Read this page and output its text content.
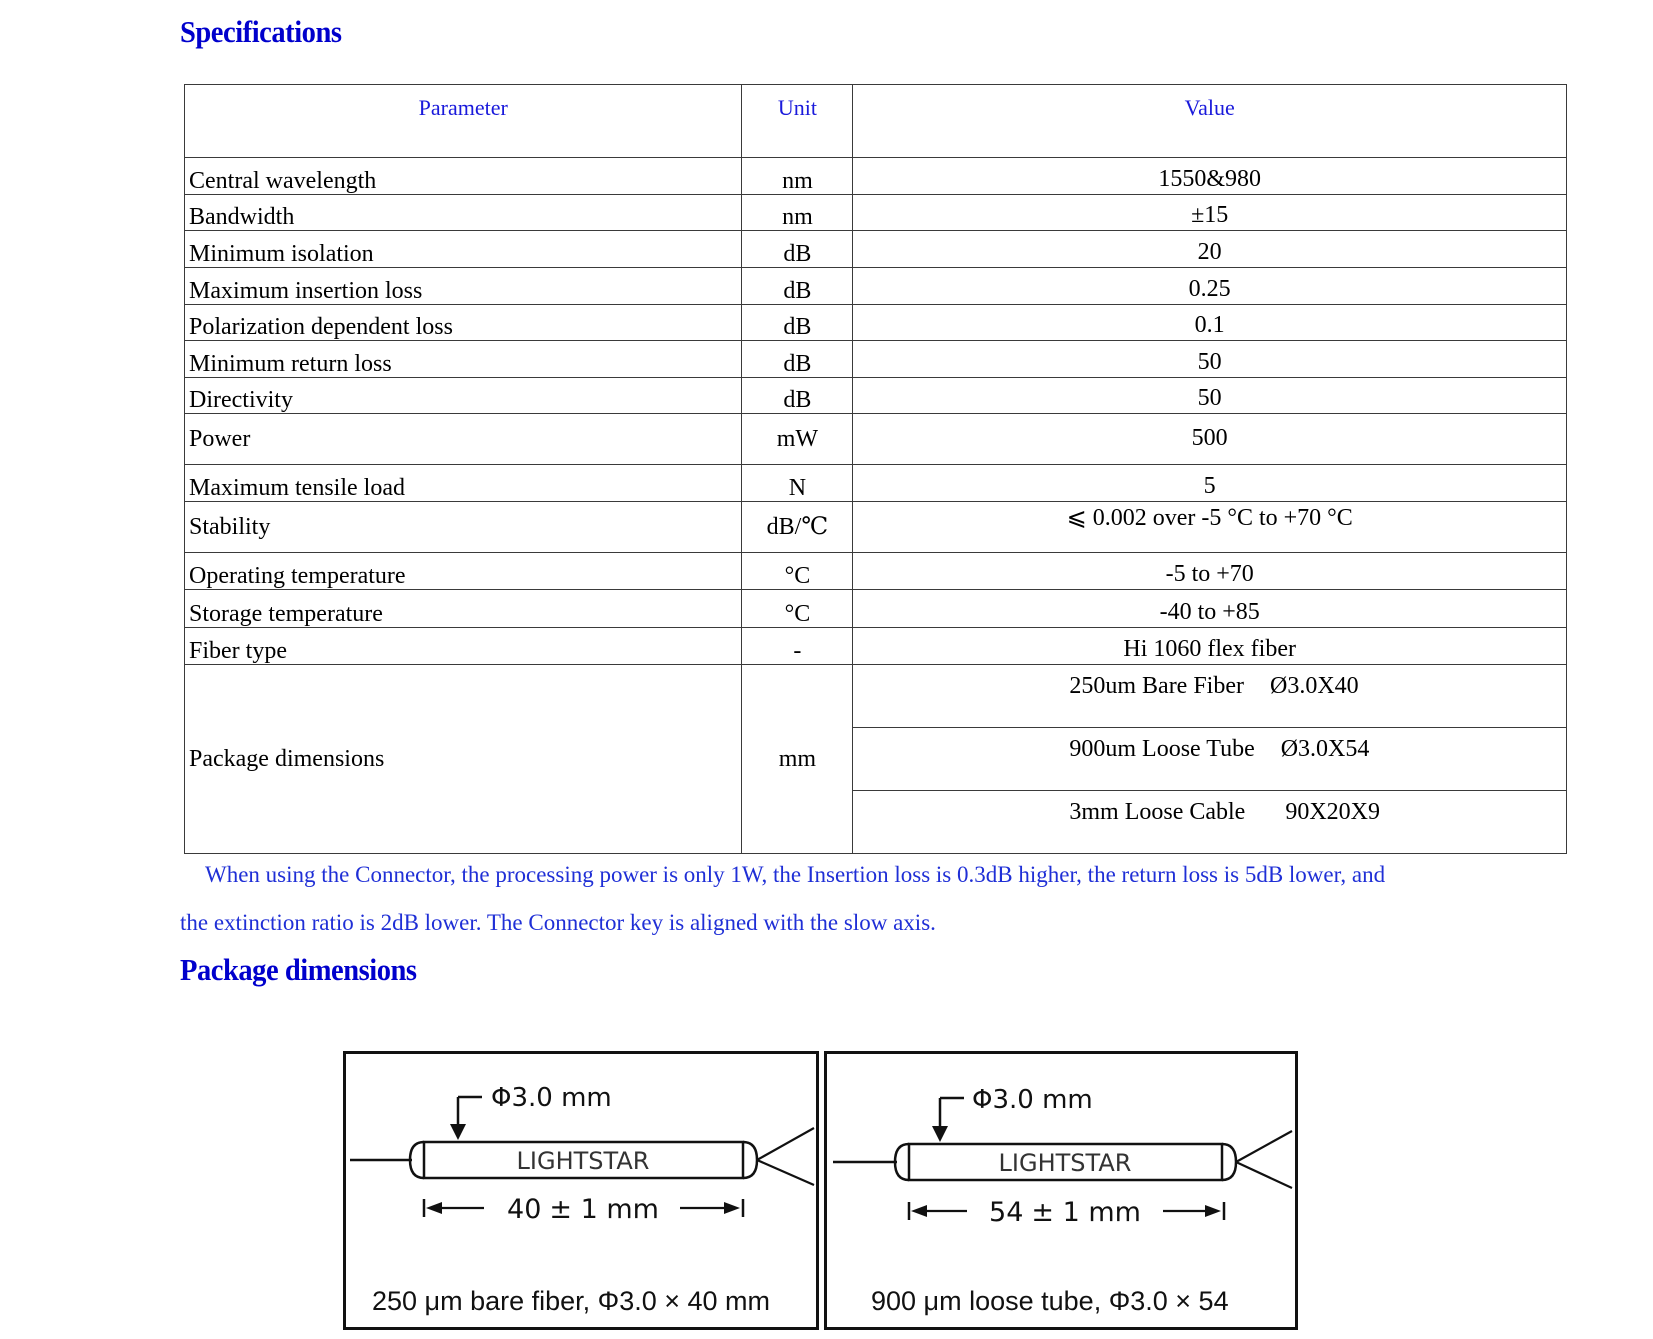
Specifications
Parameter	Unit	Value
Central wavelength	nm	1550&980
Bandwidth	nm	±15
Minimum isolation	dB	20
Maximum insertion loss	dB	0.25
Polarization dependent loss	dB	0.1
Minimum return loss	dB	50
Directivity	dB	50
Power	mW	500
Maximum tensile load	N	5
Stability	dB/℃	⩽ 0.002 over -5 °C to +70 °C
Operating temperature	°C	-5 to +70
Storage temperature	°C	-40 to +85
Fiber type	-	Hi 1060 flex fiber
Package dimensions	mm	250um Bare Fiber Ø3.0X40
		900um Loose Tube Ø3.0X54
		3mm Loose Cable 90X20X9
When using the Connector, the processing power is only 1W, the Insertion loss is 0.3dB higher, the return loss is 5dB lower, and
the extinction ratio is 2dB lower. The Connector key is aligned with the slow axis.
Package dimensions
Φ3.0 mm
LIGHTSTAR
40 ± 1 mm
250 μm bare fiber, Φ3.0 × 40 mm
Φ3.0 mm
LIGHTSTAR
54 ± 1 mm
900 μm loose tube, Φ3.0 × 54
